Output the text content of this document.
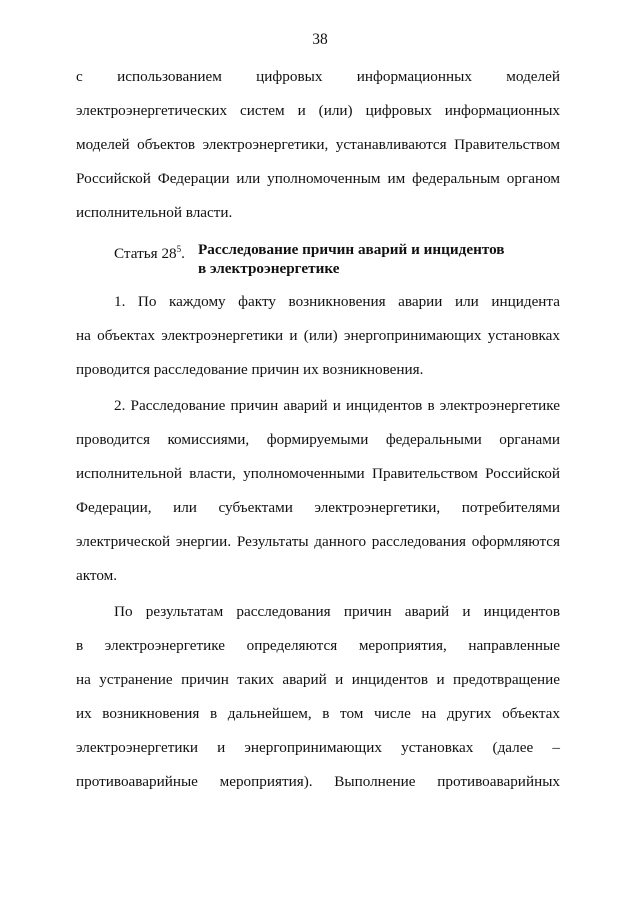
38
с использованием цифровых информационных моделей
электроэнергетических систем и (или) цифровых информационных
моделей объектов электроэнергетики, устанавливаются Правительством
Российской Федерации или уполномоченным им федеральным органом
исполнительной власти.
Статья $28^5$. Расследование причин аварий и инцидентов
в электроэнергетике
1. По каждому факту возникновения аварии или инцидента
на объектах электроэнергетики и (или) энергопринимающих установках
проводится расследование причин их возникновения.
2. Расследование причин аварий и инцидентов в электроэнергетике
проводится комиссиями, формируемыми федеральными органами
исполнительной власти, уполномоченными Правительством Российской
Федерации, или субъектами электроэнергетики, потребителями
электрической энергии. Результаты данного расследования оформляются
актом.
По результатам расследования причин аварий и инцидентов
в электроэнергетике определяются мероприятия, направленные
на устранение причин таких аварий и инцидентов и предотвращение
их возникновения в дальнейшем, в том числе на других объектах
электроэнергетики и энергопринимающих установках (далее –
противоаварийные мероприятия). Выполнение противоаварийных
